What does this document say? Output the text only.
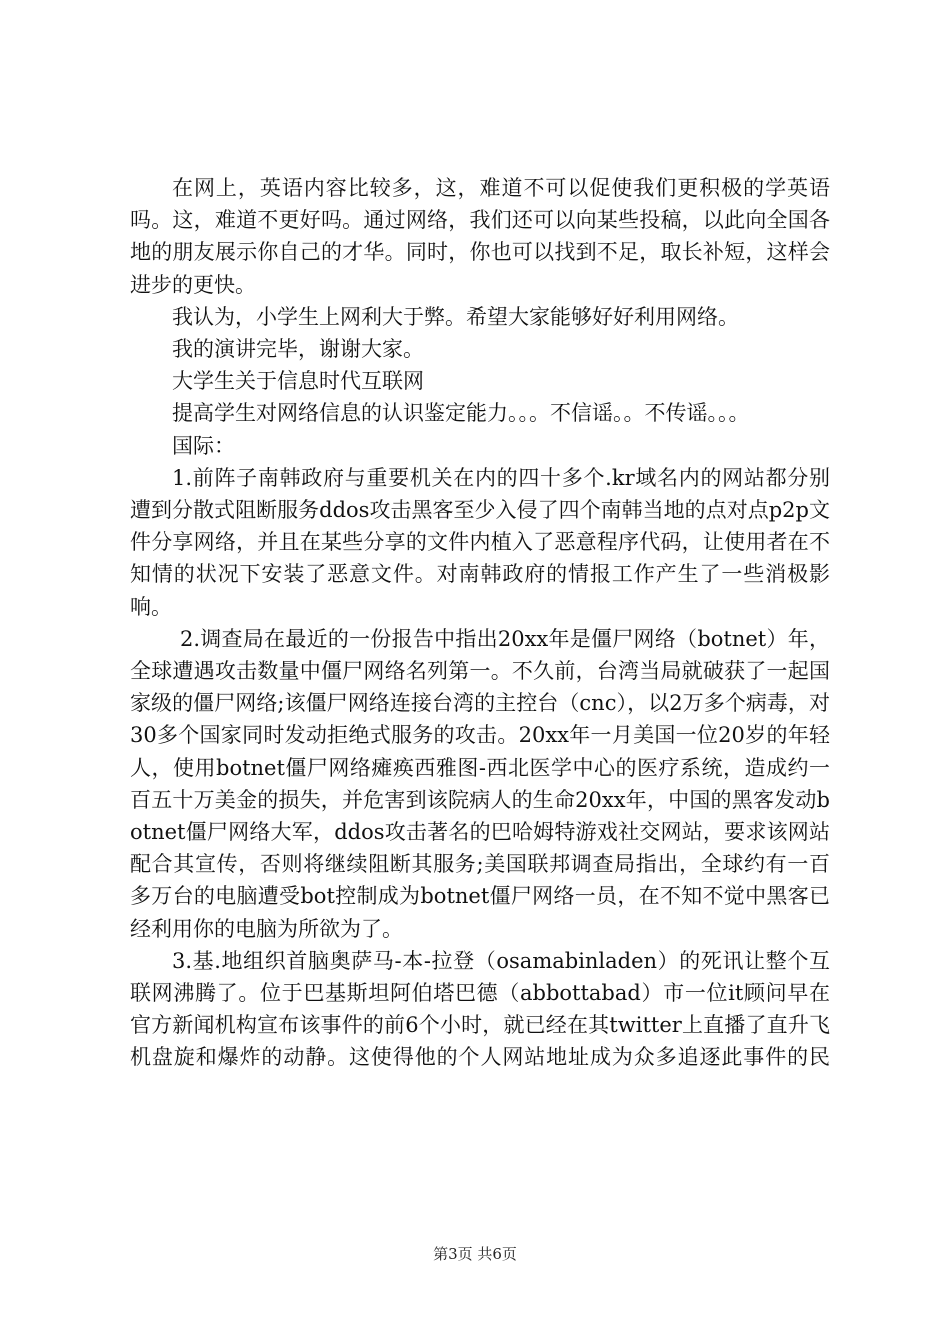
在网上，英语内容比较多，这，难道不可以促使我们更积极的学英语吗。这，难道不更好吗。通过网络，我们还可以向某些投稿，以此向全国各地的朋友展示你自己的才华。同时，你也可以找到不足，取长补短，这样会进步的更快。

我认为，小学生上网利大于弊。希望大家能够好好利用网络。

我的演讲完毕，谢谢大家。

大学生关于信息时代互联网

提高学生对网络信息的认识鉴定能力。。。不信谣。。不传谣。。。

国际：

1.前阵子南韩政府与重要机关在内的四十多个.kr域名内的网站都分别遭到分散式阻断服务ddos攻击黑客至少入侵了四个南韩当地的点对点p2p文件分享网络，并且在某些分享的文件内植入了恶意程序代码，让使用者在不知情的状况下安装了恶意文件。对南韩政府的情报工作产生了一些消极影响。

2.调查局在最近的一份报告中指出20xx年是僵尸网络（botnet）年，全球遭遇攻击数量中僵尸网络名列第一。不久前，台湾当局就破获了一起国家级的僵尸网络;该僵尸网络连接台湾的主控台（cnc），以2万多个病毒，对30多个国家同时发动拒绝式服务的攻击。20xx年一月美国一位20岁的年轻人，使用botnet僵尸网络瘫痪西雅图-西北医学中心的医疗系统，造成约一百五十万美金的损失，并危害到该院病人的生命20xx年，中国的黑客发动botnet僵尸网络大军，ddos攻击著名的巴哈姆特游戏社交网站，要求该网站配合其宣传，否则将继续阻断其服务;美国联邦调查局指出，全球约有一百多万台的电脑遭受bot控制成为botnet僵尸网络一员，在不知不觉中黑客已经利用你的电脑为所欲为了。

3.基.地组织首脑奥萨马-本-拉登（osamabinladen）的死讯让整个互联网沸腾了。位于巴基斯坦阿伯塔巴德（abbottabad）市一位it顾问早在官方新闻机构宣布该事件的前6个小时，就已经在其twitter上直播了直升飞机盘旋和爆炸的动静。这使得他的个人网站地址成为众多追逐此事件的民

第3页 共6页
